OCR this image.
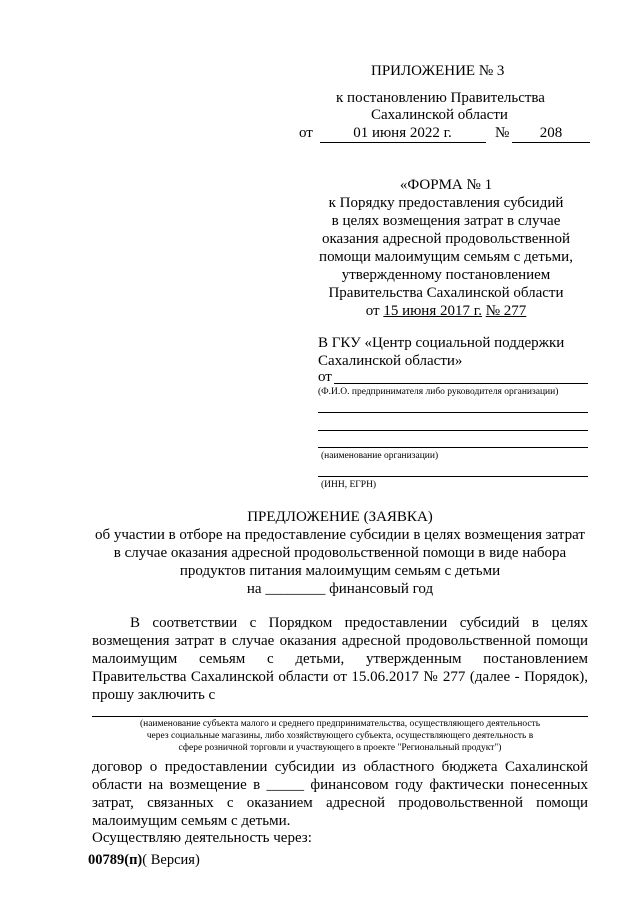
ПРИЛОЖЕНИЕ № 3
к постановлению Правительства
Сахалинской области
от	01 июня 2022 г.	№	208
«ФОРМА № 1
к Порядку предоставления субсидий
в целях возмещения затрат в случае
оказания адресной продовольственной
помощи малоимущим семьям с детьми,
утвержденному постановлением
Правительства Сахалинской области
от 15 июня 2017 г. № 277
В ГКУ «Центр социальной поддержки
Сахалинской области»
от
(Ф.И.О. предпринимателя либо руководителя организации)
(наименование организации)
(ИНН, ЕГРН)
ПРЕДЛОЖЕНИЕ (ЗАЯВКА)
об участии в отборе на предоставление субсидии в целях возмещения затрат
в случае оказания адресной продовольственной помощи в виде набора
продуктов питания малоимущим семьям с детьми
на ________ финансовый год
В соответствии с Порядком предоставлении субсидий в целях
возмещения затрат в случае оказания адресной продовольственной помощи
малоимущим семьям с детьми, утвержденным постановлением
Правительства Сахалинской области от 15.06.2017 № 277 (далее - Порядок),
прошу заключить с
(наименование субъекта малого и среднего предпринимательства, осуществляющего деятельность
через социальные магазины, либо хозяйствующего субъекта, осуществляющего деятельность в
сфере розничной торговли и участвующего в проекте "Региональный продукт")
договор о предоставлении субсидии из областного бюджета Сахалинской
области на возмещение в _____ финансовом году фактически понесенных
затрат, связанных с оказанием адресной продовольственной помощи
малоимущим семьям с детьми.
Осуществляю деятельность через:
00789(п)( Версия)
